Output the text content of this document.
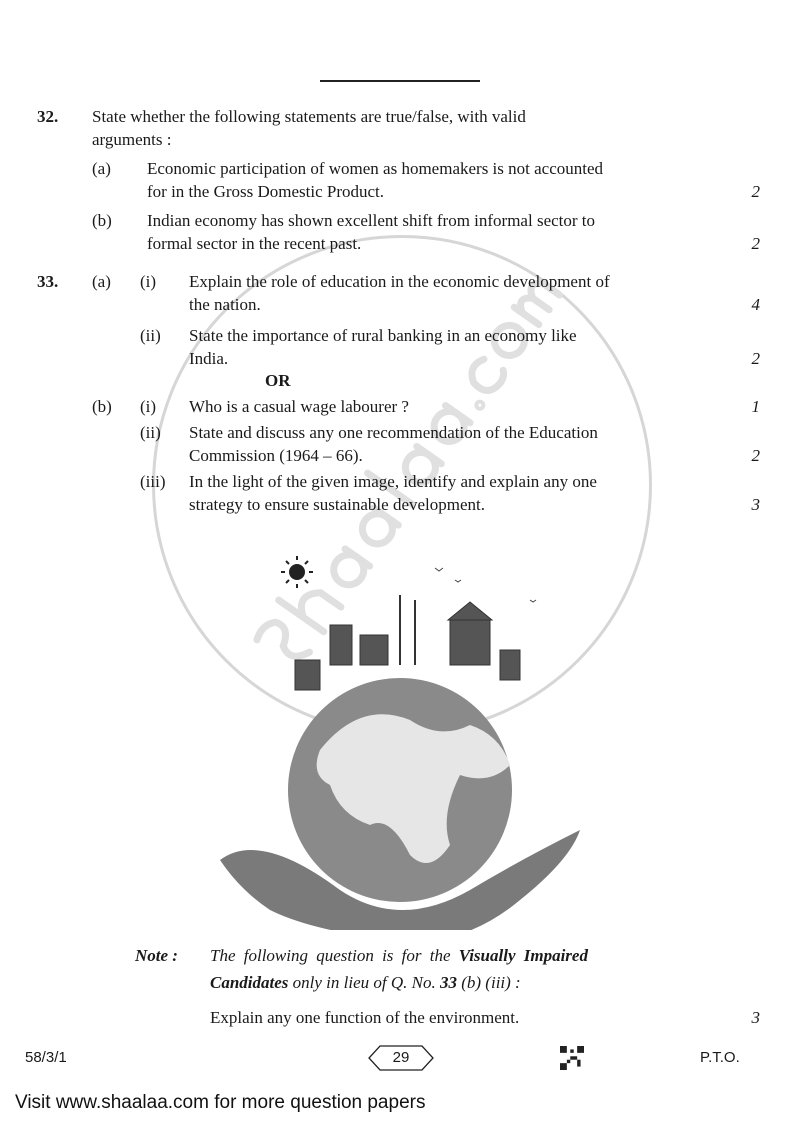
32. State whether the following statements are true/false, with valid
arguments :
(a) Economic participation of women as homemakers is not accounted
for in the Gross Domestic Product.	2
(b) Indian economy has shown excellent shift from informal sector to
formal sector in the recent past.	2
33. (a) (i) Explain the role of education in the economic development of
the nation.	4
(ii) State the importance of rural banking in an economy like
India.	2
OR
(b) (i) Who is a casual wage labourer ?	1
(ii) State and discuss any one recommendation of the Education
Commission (1964 – 66).	2
(iii) In the light of the given image, identify and explain any one
strategy to ensure sustainable development.	3
Note : The following question is for the Visually Impaired
Candidates only in lieu of Q. No. 33 (b) (iii) :
Explain any one function of the environment.	3
58/3/1	29	P.T.O.
Visit www.shaalaa.com for more question papers
